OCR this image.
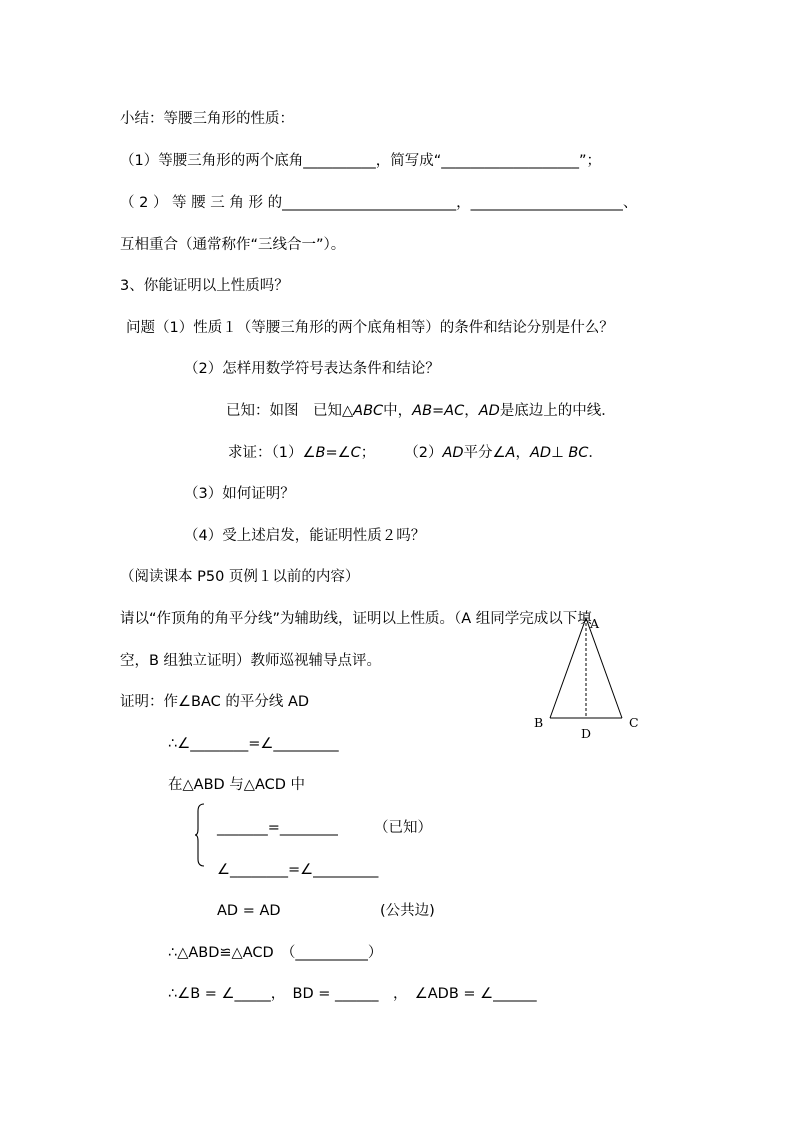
小结：等腰三角形的性质：
（1）等腰三角形的两个底角__________，简写成“___________________”；
（ 2 ） 等 腰 三 角 形 的________________________，_____________________、
互相重合（通常称作“三线合一”）。
3、你能证明以上性质吗？
问题（1）性质１（等腰三角形的两个底角相等）的条件和结论分别是什么？
（2）怎样用数学符号表达条件和结论？
已知：如图　已知△ABC中，AB=AC，AD是底边上的中线．
求证：（1）∠B=∠C；　　　（2）AD平分∠A，AD⊥ BC．
（3）如何证明？
（4）受上述启发，能证明性质２吗？
（阅读课本 P50 页例１以前的内容）
请以“作顶角的角平分线”为辅助线，证明以上性质。（A 组同学完成以下填
空，B 组独立证明）教师巡视辅导点评。
证明：作∠BAC 的平分线 AD
∴∠________=∠_________
在△ABD 与△ACD 中
_______=________ （已知）
∠________=∠_________
AD = AD	(公共边)
∴△ABD≌△ACD　（__________）
∴∠B = ∠_____，　BD = ______　，　∠ADB = ∠______
A
B	C
D
